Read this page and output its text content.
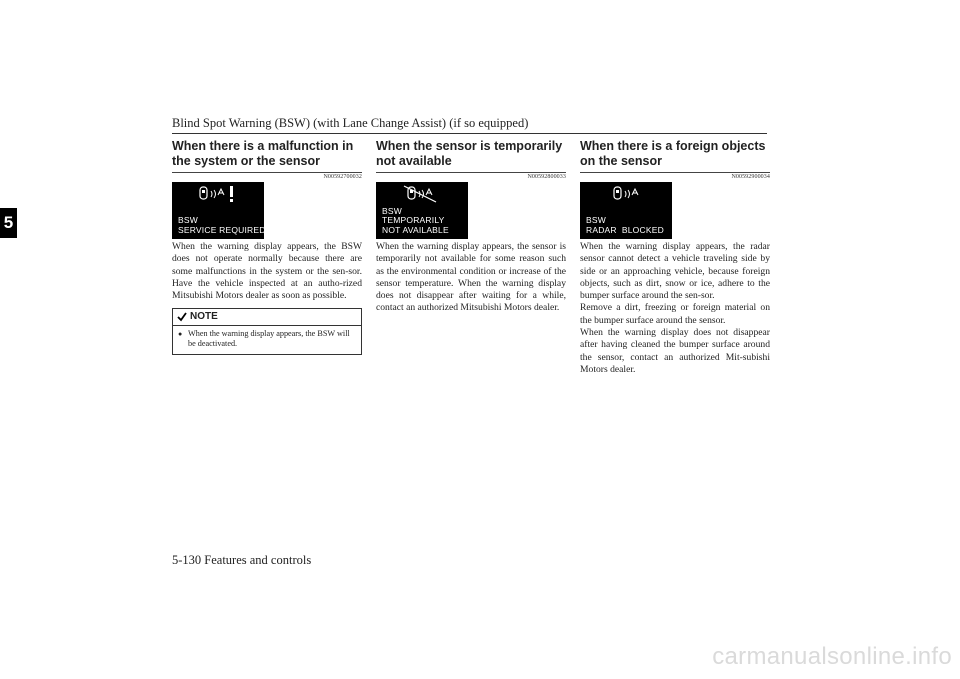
Blind Spot Warning (BSW) (with Lane Change Assist) (if so equipped)
5
When there is a malfunction in the system or the sensor
N00592700032
BSW
SERVICE REQUIRED
When the warning display appears, the BSW does not operate normally because there are some malfunctions in the system or the sen-sor. Have the vehicle inspected at an autho-rized Mitsubishi Motors dealer as soon as possible.
NOTE
● When the warning display appears, the BSW will be deactivated.
When the sensor is temporarily not available
N00592800033
BSW
TEMPORARILY
NOT AVAILABLE
When the warning display appears, the sensor is temporarily not available for some reason such as the environmental condition or increase of the sensor temperature. When the warning display does not disappear after waiting for a while, contact an authorized Mitsubishi Motors dealer.
When there is a foreign objects on the sensor
N00592900034
BSW
RADAR  BLOCKED
When the warning display appears, the radar sensor cannot detect a vehicle traveling side by side or an approaching vehicle, because foreign objects, such as dirt, snow or ice, adhere to the bumper surface around the sen-sor.
Remove a dirt, freezing or foreign material on the bumper surface around the sensor.
When the warning display does not disappear after having cleaned the bumper surface around the sensor, contact an authorized Mit-subishi Motors dealer.
5-130 Features and controls
carmanualsonline.info
